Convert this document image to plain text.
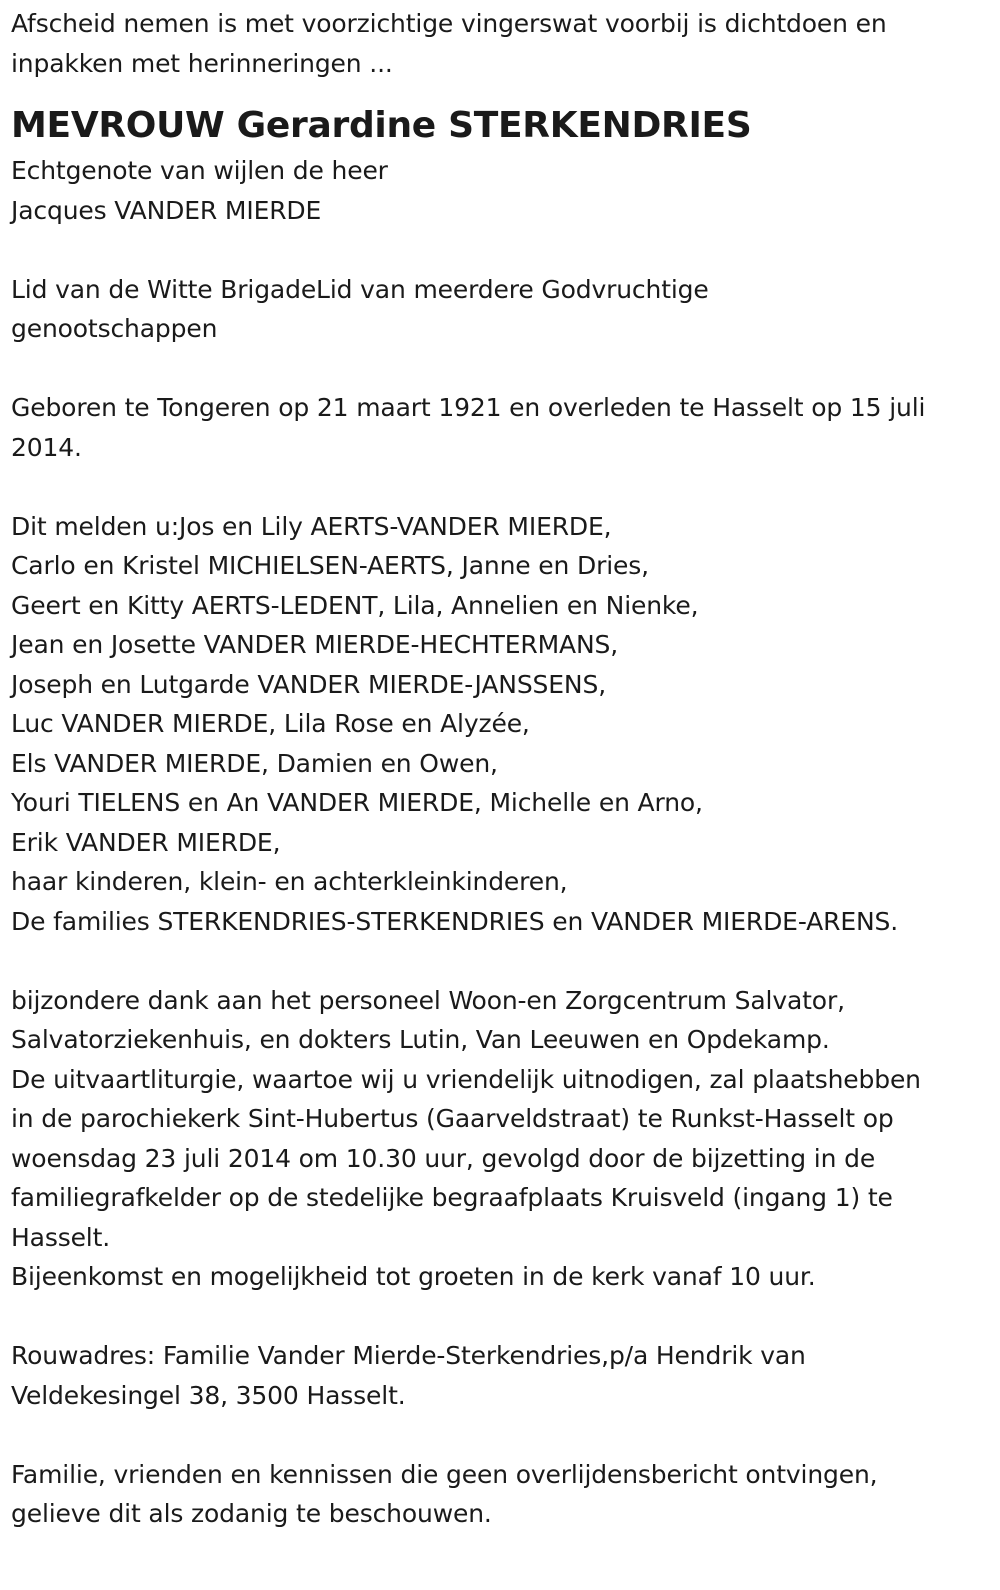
Afscheid nemen is met voorzichtige vingerswat voorbij is dichtdoen en
inpakken met herinneringen ...
MEVROUW Gerardine STERKENDRIES
Echtgenote van wijlen de heer
Jacques VANDER MIERDE
Lid van de Witte BrigadeLid van meerdere Godvruchtige
genootschappen
Geboren te Tongeren op 21 maart 1921 en overleden te Hasselt op 15 juli
2014.
Dit melden u:Jos en Lily AERTS-VANDER MIERDE,
Carlo en Kristel MICHIELSEN-AERTS, Janne en Dries,
Geert en Kitty AERTS-LEDENT, Lila, Annelien en Nienke,
Jean en Josette VANDER MIERDE-HECHTERMANS,
Joseph en Lutgarde VANDER MIERDE-JANSSENS,
Luc VANDER MIERDE, Lila Rose en Alyzée,
Els VANDER MIERDE, Damien en Owen,
Youri TIELENS en An VANDER MIERDE, Michelle en Arno,
Erik VANDER MIERDE,
haar kinderen, klein- en achterkleinkinderen,
De families STERKENDRIES-STERKENDRIES en VANDER MIERDE-ARENS.
bijzondere dank aan het personeel Woon-en Zorgcentrum Salvator,
Salvatorziekenhuis, en dokters Lutin, Van Leeuwen en Opdekamp.
De uitvaartliturgie, waartoe wij u vriendelijk uitnodigen, zal plaatshebben
in de parochiekerk Sint-Hubertus (Gaarveldstraat) te Runkst-Hasselt op
woensdag 23 juli 2014 om 10.30 uur, gevolgd door de bijzetting in de
familiegrafkelder op de stedelijke begraafplaats Kruisveld (ingang 1) te
Hasselt.
Bijeenkomst en mogelijkheid tot groeten in de kerk vanaf 10 uur.
Rouwadres: Familie Vander Mierde-Sterkendries,p/a Hendrik van
Veldekesingel 38, 3500 Hasselt.
Familie, vrienden en kennissen die geen overlijdensbericht ontvingen,
gelieve dit als zodanig te beschouwen.
